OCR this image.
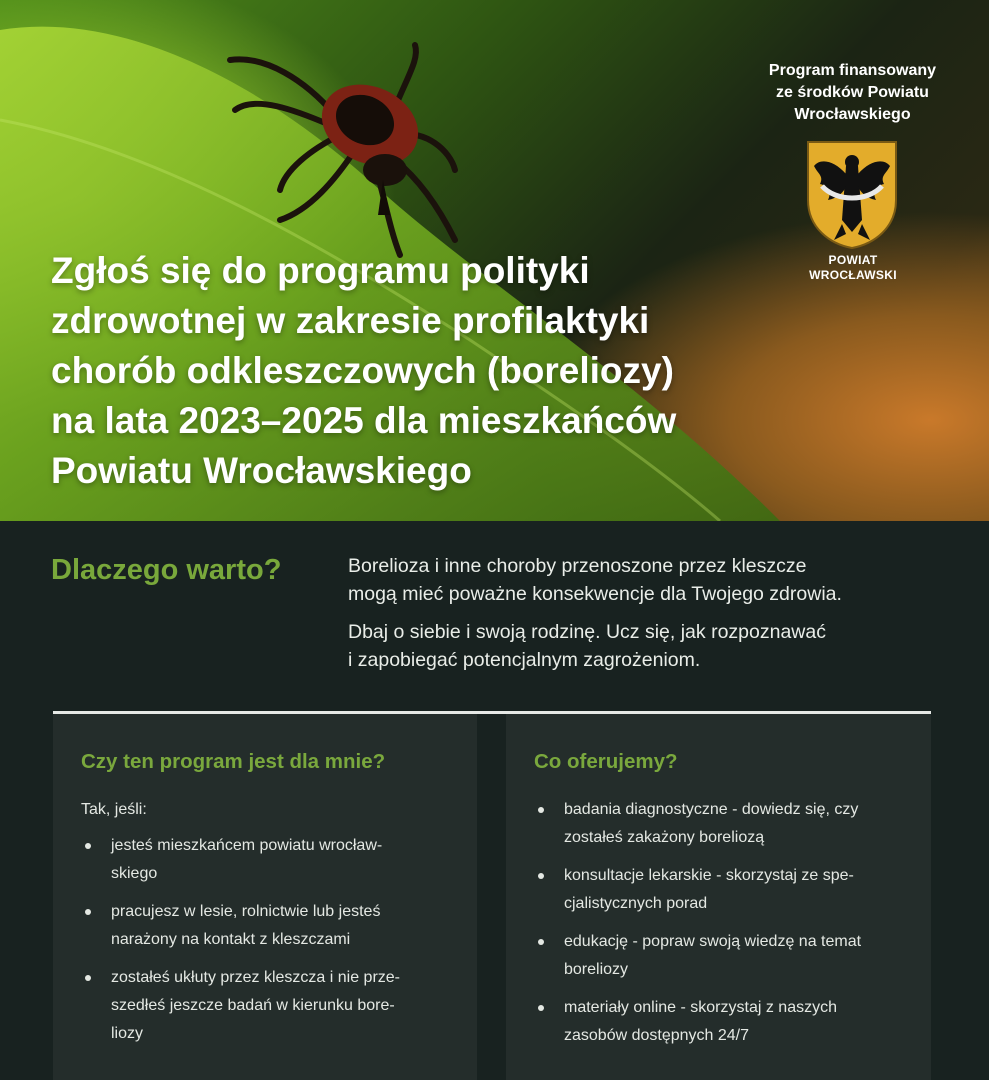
Zgłoś się do programu polityki
zdrowotnej w zakresie profilaktyki
chorób odkleszczowych (boreliozy)
na lata 2023–2025 dla mieszkańców
Powiatu Wrocławskiego
Program finansowany
ze środków Powiatu
Wrocławskiego
POWIAT
WROCŁAWSKI
Dlaczego warto?	Borelioza i inne choroby przenoszone przez kleszcze
mogą mieć poważne konsekwencje dla Twojego zdrowia.

Dbaj o siebie i swoją rodzinę. Ucz się, jak rozpoznawać
i zapobiegać potencjalnym zagrożeniom.

Czy ten program jest dla mnie?

Tak, jeśli:

jesteś mieszkańcem powiatu wrocław-
skiego
pracujesz w lesie, rolnictwie lub jesteś
narażony na kontakt z kleszczami
zostałeś ukłuty przez kleszcza i nie prze-
szedłeś jeszcze badań w kierunku bore-
liozy
Co oferujemy?
badania diagnostyczne - dowiedz się, czy
zostałeś zakażony boreliozą
konsultacje lekarskie - skorzystaj ze spe-
cjalistycznych porad
edukację - popraw swoją wiedzę na temat
boreliozy
materiały online - skorzystaj z naszych
zasobów dostępnych 24/7
